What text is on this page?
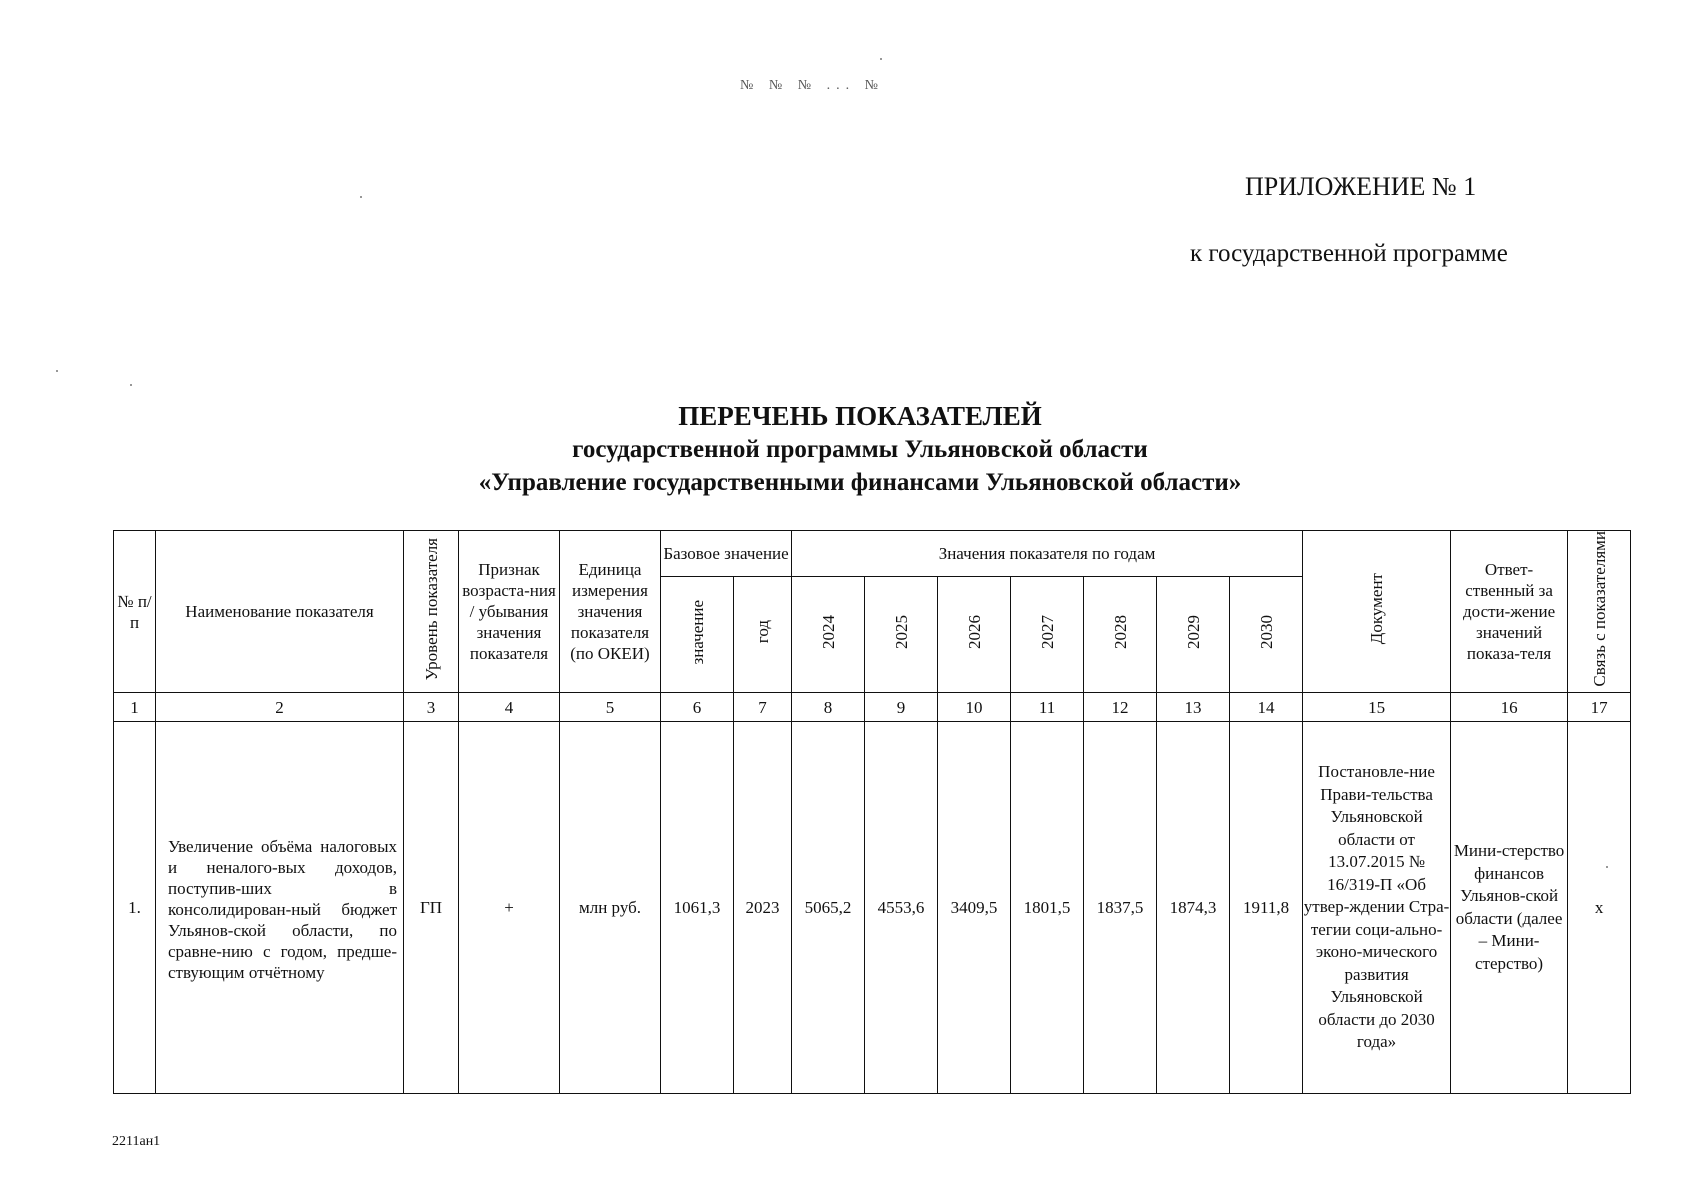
№ № № ... №
ПРИЛОЖЕНИЕ № 1
к государственной программе
ПЕРЕЧЕНЬ ПОКАЗАТЕЛЕЙ
государственной программы Ульяновской области
«Управление государственными финансами Ульяновской области»
№ п/п	Наименование показателя	Уровень показателя	Признак возраста-ния / убывания значения показателя	Единица измерения значения показателя (по ОКЕИ)	Базовое значение		Значения показателя по годам							Документ	Ответ-ственный за дости-жение значений показа-теля	Связь с показателями
					значение	год	2024	2025	2026	2027	2028	2029	2030			
1	2	3	4	5	6	7	8	9	10	11	12	13	14	15	16	17
1.	Увеличение объёма налоговых и неналого-вых доходов, поступив-ших в консолидирован-ный бюджет Ульянов-ской области, по сравне-нию с годом, предше-ствующим отчётному	ГП	+	млн руб.	1061,3	2023	5065,2	4553,6	3409,5	1801,5	1837,5	1874,3	1911,8	Постановле-ние Прави-тельства Ульяновской области от 13.07.2015 № 16/319-П «Об утвер-ждении Стра-тегии соци-ально-эконо-мического развития Ульяновской области до 2030 года»	Мини-стерство финансов Ульянов-ской области (далее – Мини-стерство)	х
2211ан1
